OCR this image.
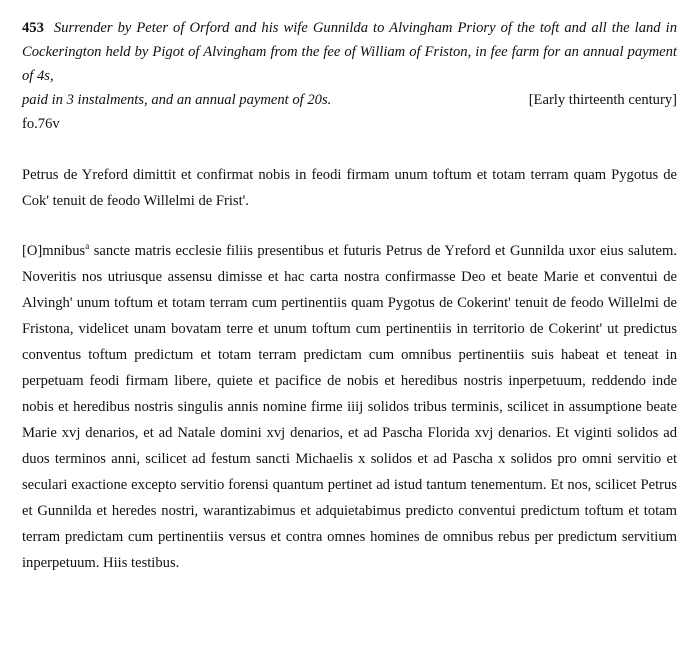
453 Surrender by Peter of Orford and his wife Gunnilda to Alvingham Priory of the toft and all the land in Cockerington held by Pigot of Alvingham from the fee of William of Friston, in fee farm for an annual payment of 4s,

paid in 3 instalments, and an annual payment of 20s.	[Early thirteenth century]

fo.76v

Petrus de Yreford dimittit et confirmat nobis in feodi firmam unum toftum et totam terram quam Pygotus de Cok' tenuit de feodo Willelmi de Frist'.

[O]mnibus$^a$ sancte matris ecclesie filiis presentibus et futuris Petrus de Yreford et Gunnilda uxor eius salutem. Noveritis nos utriusque assensu dimisse et hac carta nostra confirmasse Deo et beate Marie et conventui de Alvingh' unum toftum et totam terram cum pertinentiis quam Pygotus de Cokerint' tenuit de feodo Willelmi de Fristona, videlicet unam bovatam terre et unum toftum cum pertinentiis in territorio de Cokerint' ut predictus conventus toftum predictum et totam terram predictam cum omnibus pertinentiis suis habeat et teneat in perpetuam feodi firmam libere, quiete et pacifice de nobis et heredibus nostris inperpetuum, reddendo inde nobis et heredibus nostris singulis annis nomine firme iiij solidos tribus terminis, scilicet in assumptione beate Marie xvj denarios, et ad Natale domini xvj denarios, et ad Pascha Florida xvj denarios. Et viginti solidos ad duos terminos anni, scilicet ad festum sancti Michaelis x solidos et ad Pascha x solidos pro omni servitio et seculari exactione excepto servitio forensi quantum pertinet ad istud tantum tenementum. Et nos, scilicet Petrus et Gunnilda et heredes nostri, warantizabimus et adquietabimus predicto conventui predictum toftum et totam terram predictam cum pertinentiis versus et contra omnes homines de omnibus rebus per predictum servitium inperpetuum. Hiis testibus.
